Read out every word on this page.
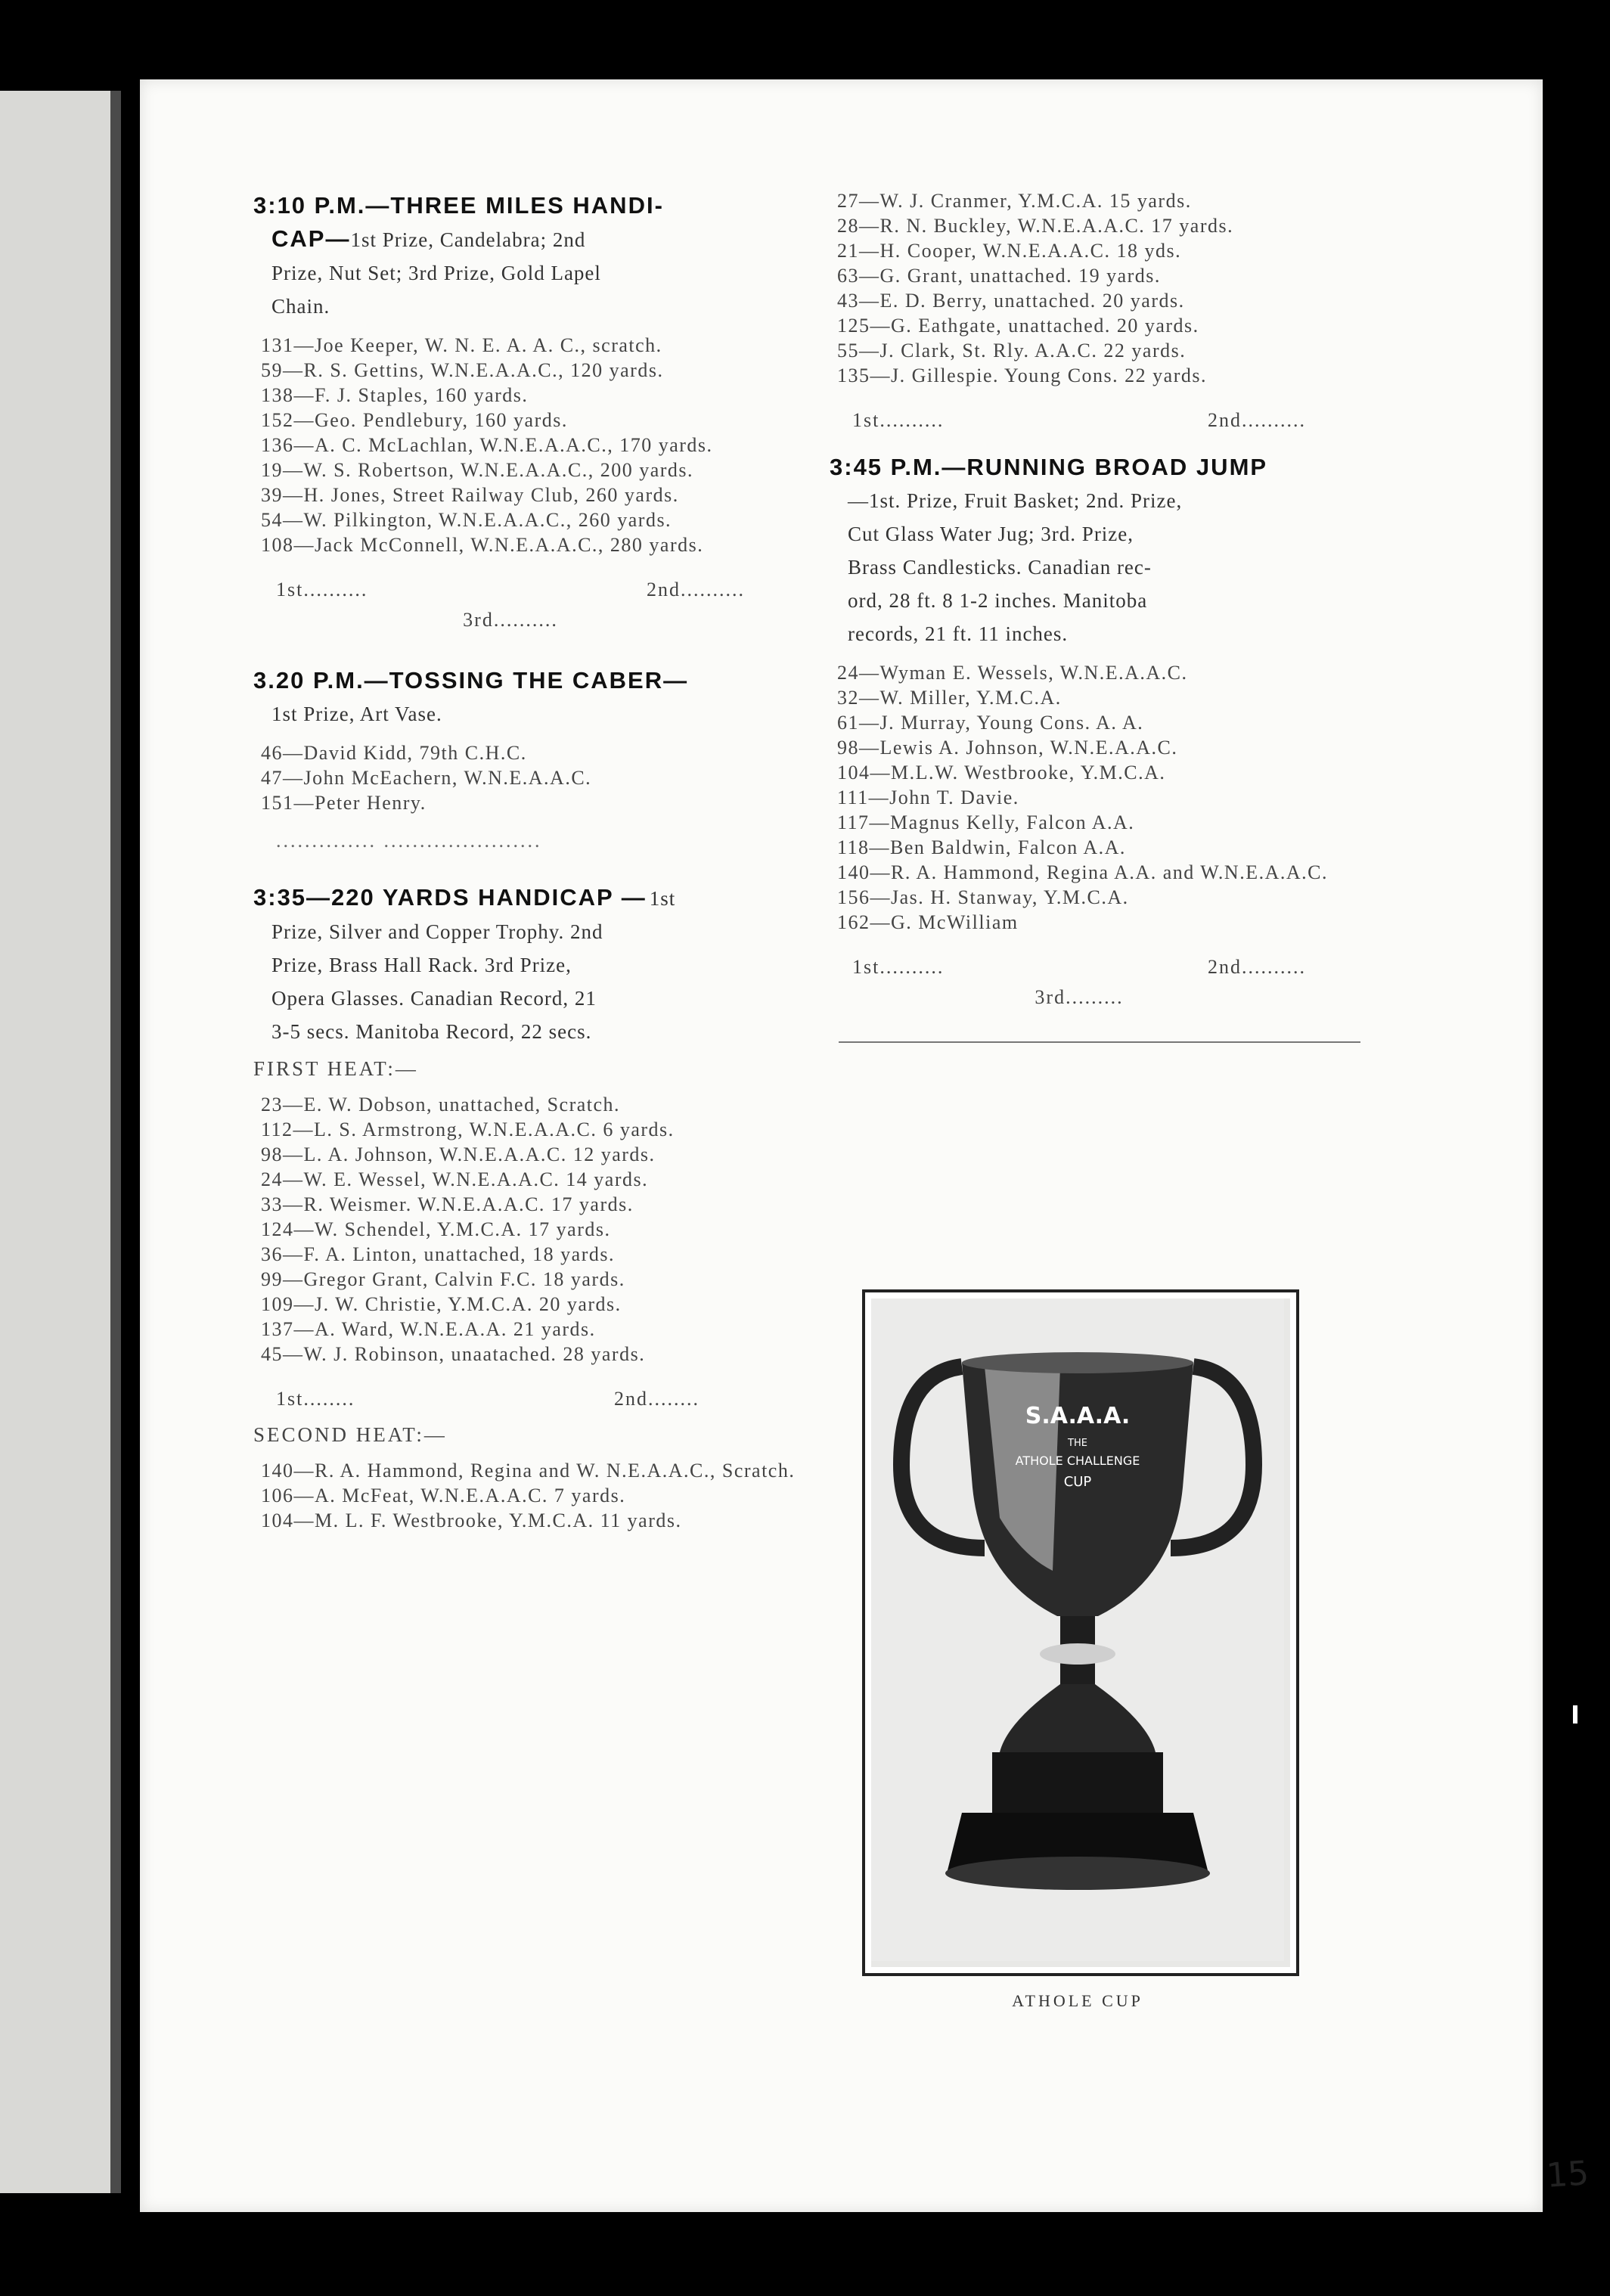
3:10 P.M.—THREE MILES HANDI-
CAP—1st Prize, Candelabra; 2nd
Prize, Nut Set; 3rd Prize, Gold Lapel
Chain.
131—Joe Keeper, W. N. E. A. A. C., scratch.
59—R. S. Gettins, W.N.E.A.A.C., 120 yards.
138—F. J. Staples, 160 yards.
152—Geo. Pendlebury, 160 yards.
136—A. C. McLachlan, W.N.E.A.A.C., 170 yards.
19—W. S. Robertson, W.N.E.A.A.C., 200 yards.
39—H. Jones, Street Railway Club, 260 yards.
54—W. Pilkington, W.N.E.A.A.C., 260 yards.
108—Jack McConnell, W.N.E.A.A.C., 280 yards.
1st..........	2nd..........
3rd..........
3.20 P.M.—TOSSING THE CABER—
1st Prize, Art Vase.
46—David Kidd, 79th C.H.C.
47—John McEachern, W.N.E.A.A.C.
151—Peter Henry.
.............. ......................
3:35—220 YARDS HANDICAP — 1st
Prize, Silver and Copper Trophy. 2nd
Prize, Brass Hall Rack. 3rd Prize,
Opera Glasses. Canadian Record, 21
3-5 secs. Manitoba Record, 22 secs.
FIRST HEAT:—
23—E. W. Dobson, unattached, Scratch.
112—L. S. Armstrong, W.N.E.A.A.C. 6 yards.
98—L. A. Johnson, W.N.E.A.A.C. 12 yards.
24—W. E. Wessel, W.N.E.A.A.C. 14 yards.
33—R. Weismer. W.N.E.A.A.C. 17 yards.
124—W. Schendel, Y.M.C.A. 17 yards.
36—F. A. Linton, unattached, 18 yards.
99—Gregor Grant, Calvin F.C. 18 yards.
109—J. W. Christie, Y.M.C.A. 20 yards.
137—A. Ward, W.N.E.A.A. 21 yards.
45—W. J. Robinson, unaatached. 28 yards.
1st........	2nd........
SECOND HEAT:—
140—R. A. Hammond, Regina and W. N.E.A.A.C., Scratch.
106—A. McFeat, W.N.E.A.A.C. 7 yards.
104—M. L. F. Westbrooke, Y.M.C.A. 11 yards.
27—W. J. Cranmer, Y.M.C.A. 15 yards.
28—R. N. Buckley, W.N.E.A.A.C. 17 yards.
21—H. Cooper, W.N.E.A.A.C. 18 yds.
63—G. Grant, unattached. 19 yards.
43—E. D. Berry, unattached. 20 yards.
125—G. Eathgate, unattached. 20 yards.
55—J. Clark, St. Rly. A.A.C. 22 yards.
135—J. Gillespie. Young Cons. 22 yards.
1st..........	2nd..........
3:45 P.M.—RUNNING BROAD JUMP
—1st. Prize, Fruit Basket; 2nd. Prize,
Cut Glass Water Jug; 3rd. Prize,
Brass Candlesticks. Canadian rec-
ord, 28 ft. 8 1-2 inches. Manitoba
records, 21 ft. 11 inches.
24—Wyman E. Wessels, W.N.E.A.A.C.
32—W. Miller, Y.M.C.A.
61—J. Murray, Young Cons. A. A.
98—Lewis A. Johnson, W.N.E.A.A.C.
104—M.L.W. Westbrooke, Y.M.C.A.
111—John T. Davie.
117—Magnus Kelly, Falcon A.A.
118—Ben Baldwin, Falcon A.A.
140—R. A. Hammond, Regina A.A. and W.N.E.A.A.C.
156—Jas. H. Stanway, Y.M.C.A.
162—G. McWilliam
1st..........	2nd..........
3rd.........
ATHOLE CUP
15
S.A.A.A.
THE
ATHOLE CHALLENGE
CUP
